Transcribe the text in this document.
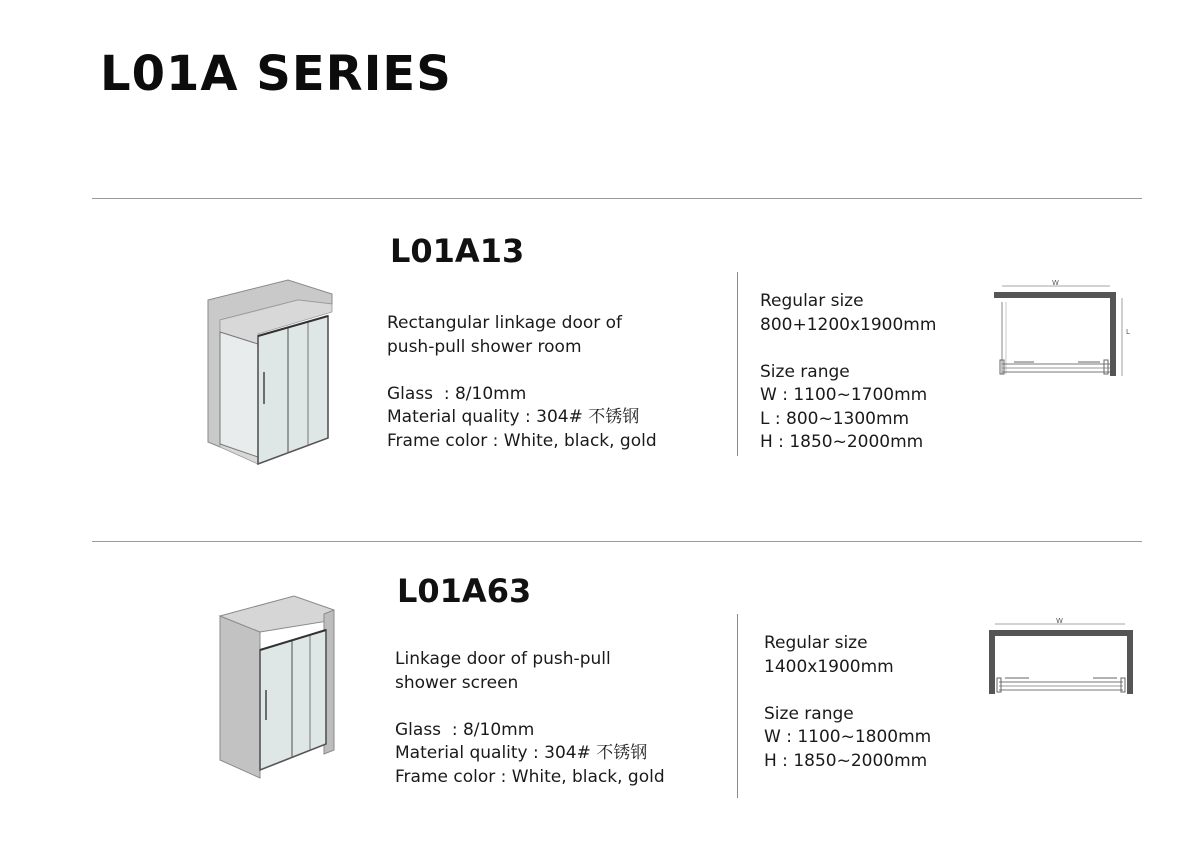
L01A SERIES
L01A13
Rectangular linkage door of
push-pull shower room
Glass  : 8/10mm
Material quality : 304# 不锈钢
Frame color : White, black, gold
Regular size
800+1200x1900mm
Size range
W : 1100~1700mm
L : 800~1300mm
H : 1850~2000mm
W
L
L01A63
Linkage door of push-pull
shower screen
Glass  : 8/10mm
Material quality : 304# 不锈钢
Frame color : White, black, gold
Regular size
1400x1900mm
Size range
W : 1100~1800mm
H : 1850~2000mm
W
